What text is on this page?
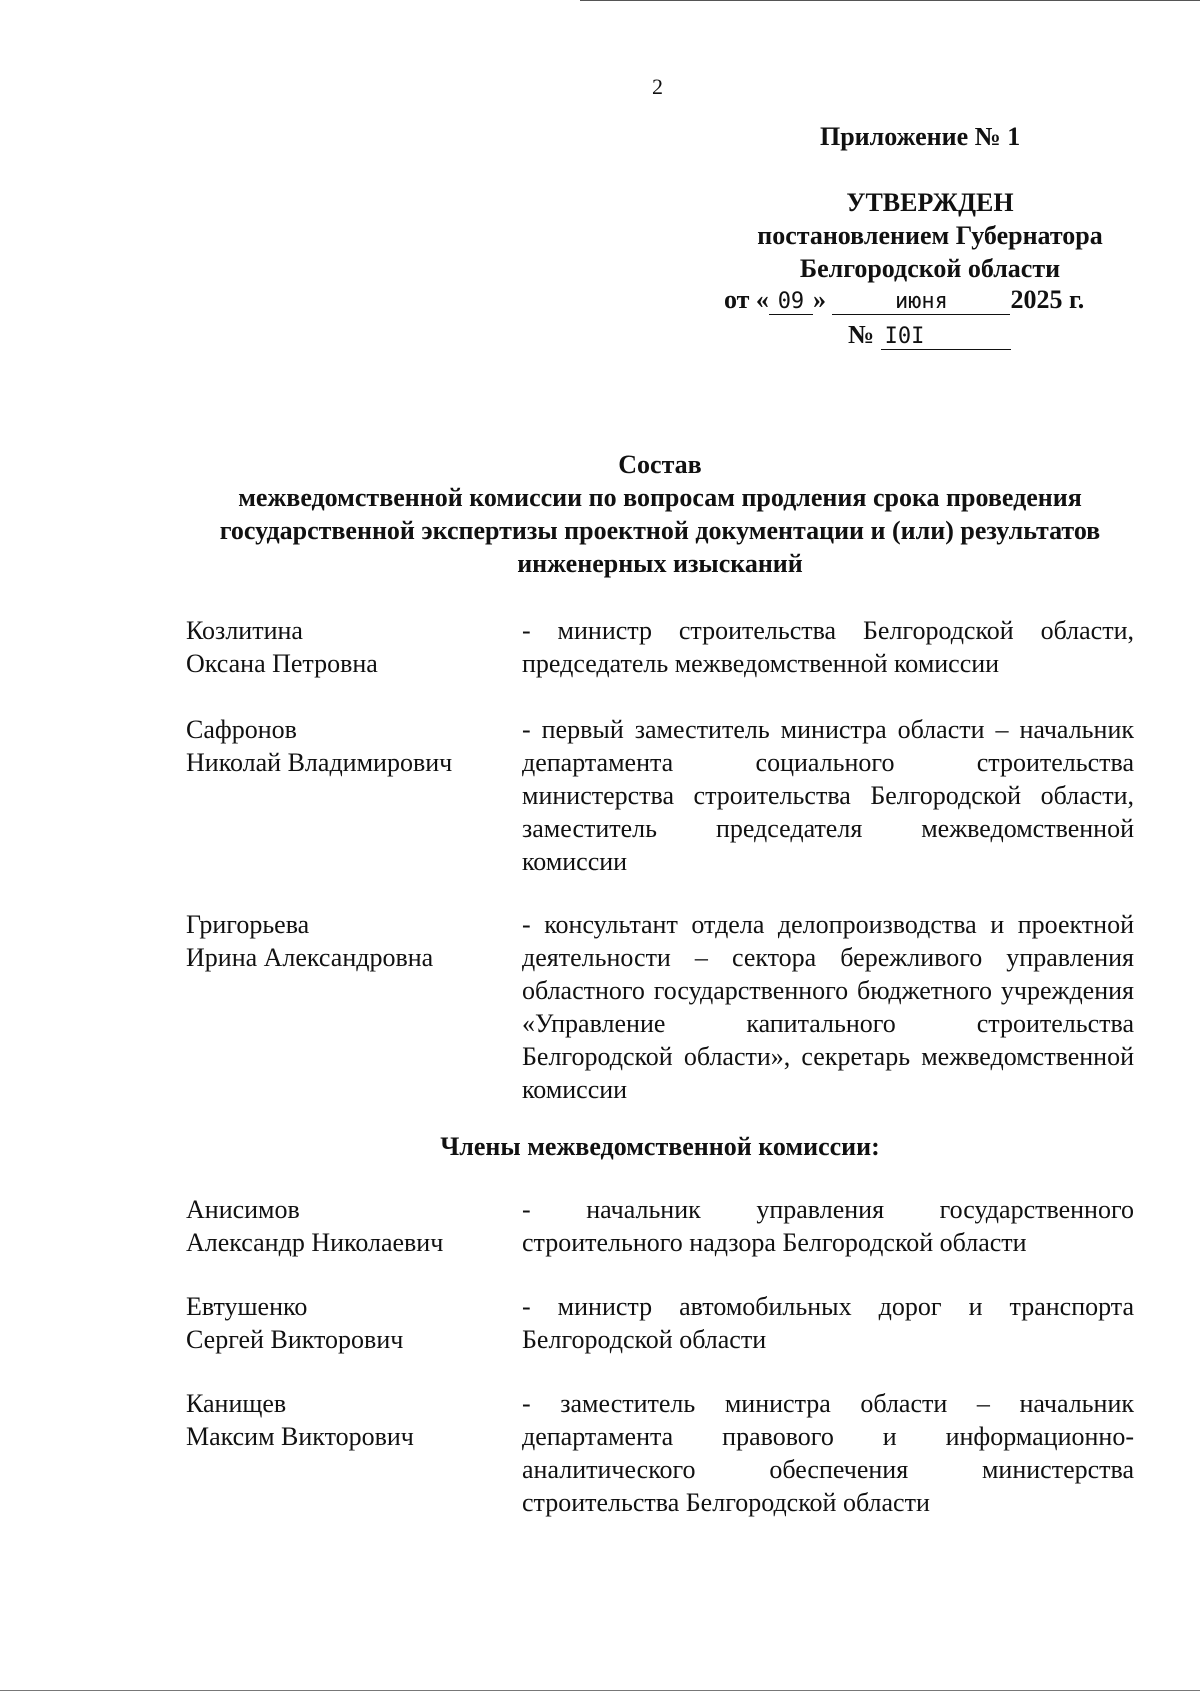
2
Приложение № 1
УТВЕРЖДЕН
постановлением Губернатора
Белгородской области
от « 09 »	июня 2025 г.
№ I0I
Состав
межведомственной комиссии по вопросам продления срока проведения
государственной экспертизы проектной документации и (или) результатов
инженерных изысканий
Козлитина
Оксана Петровна
- министр строительства Белгородской области, председатель межведомственной комиссии
Сафронов
Николай Владимирович
- первый заместитель министра области – начальник департамента социального строительства министерства строительства Белгородской области, заместитель председателя межведомственной комиссии
Григорьева
Ирина Александровна
- консультант отдела делопроизводства и проектной деятельности – сектора бережливого управления областного государственного бюджетного учреждения «Управление капитального строительства Белгородской области», секретарь межведомственной комиссии
Члены межведомственной комиссии:
Анисимов
Александр Николаевич
- начальник управления государственного строительного надзора Белгородской области
Евтушенко
Сергей Викторович
- министр автомобильных дорог и транспорта Белгородской области
Канищев
Максим Викторович
- заместитель министра области – начальник департамента правового и информационно-аналитического обеспечения министерства строительства Белгородской области
